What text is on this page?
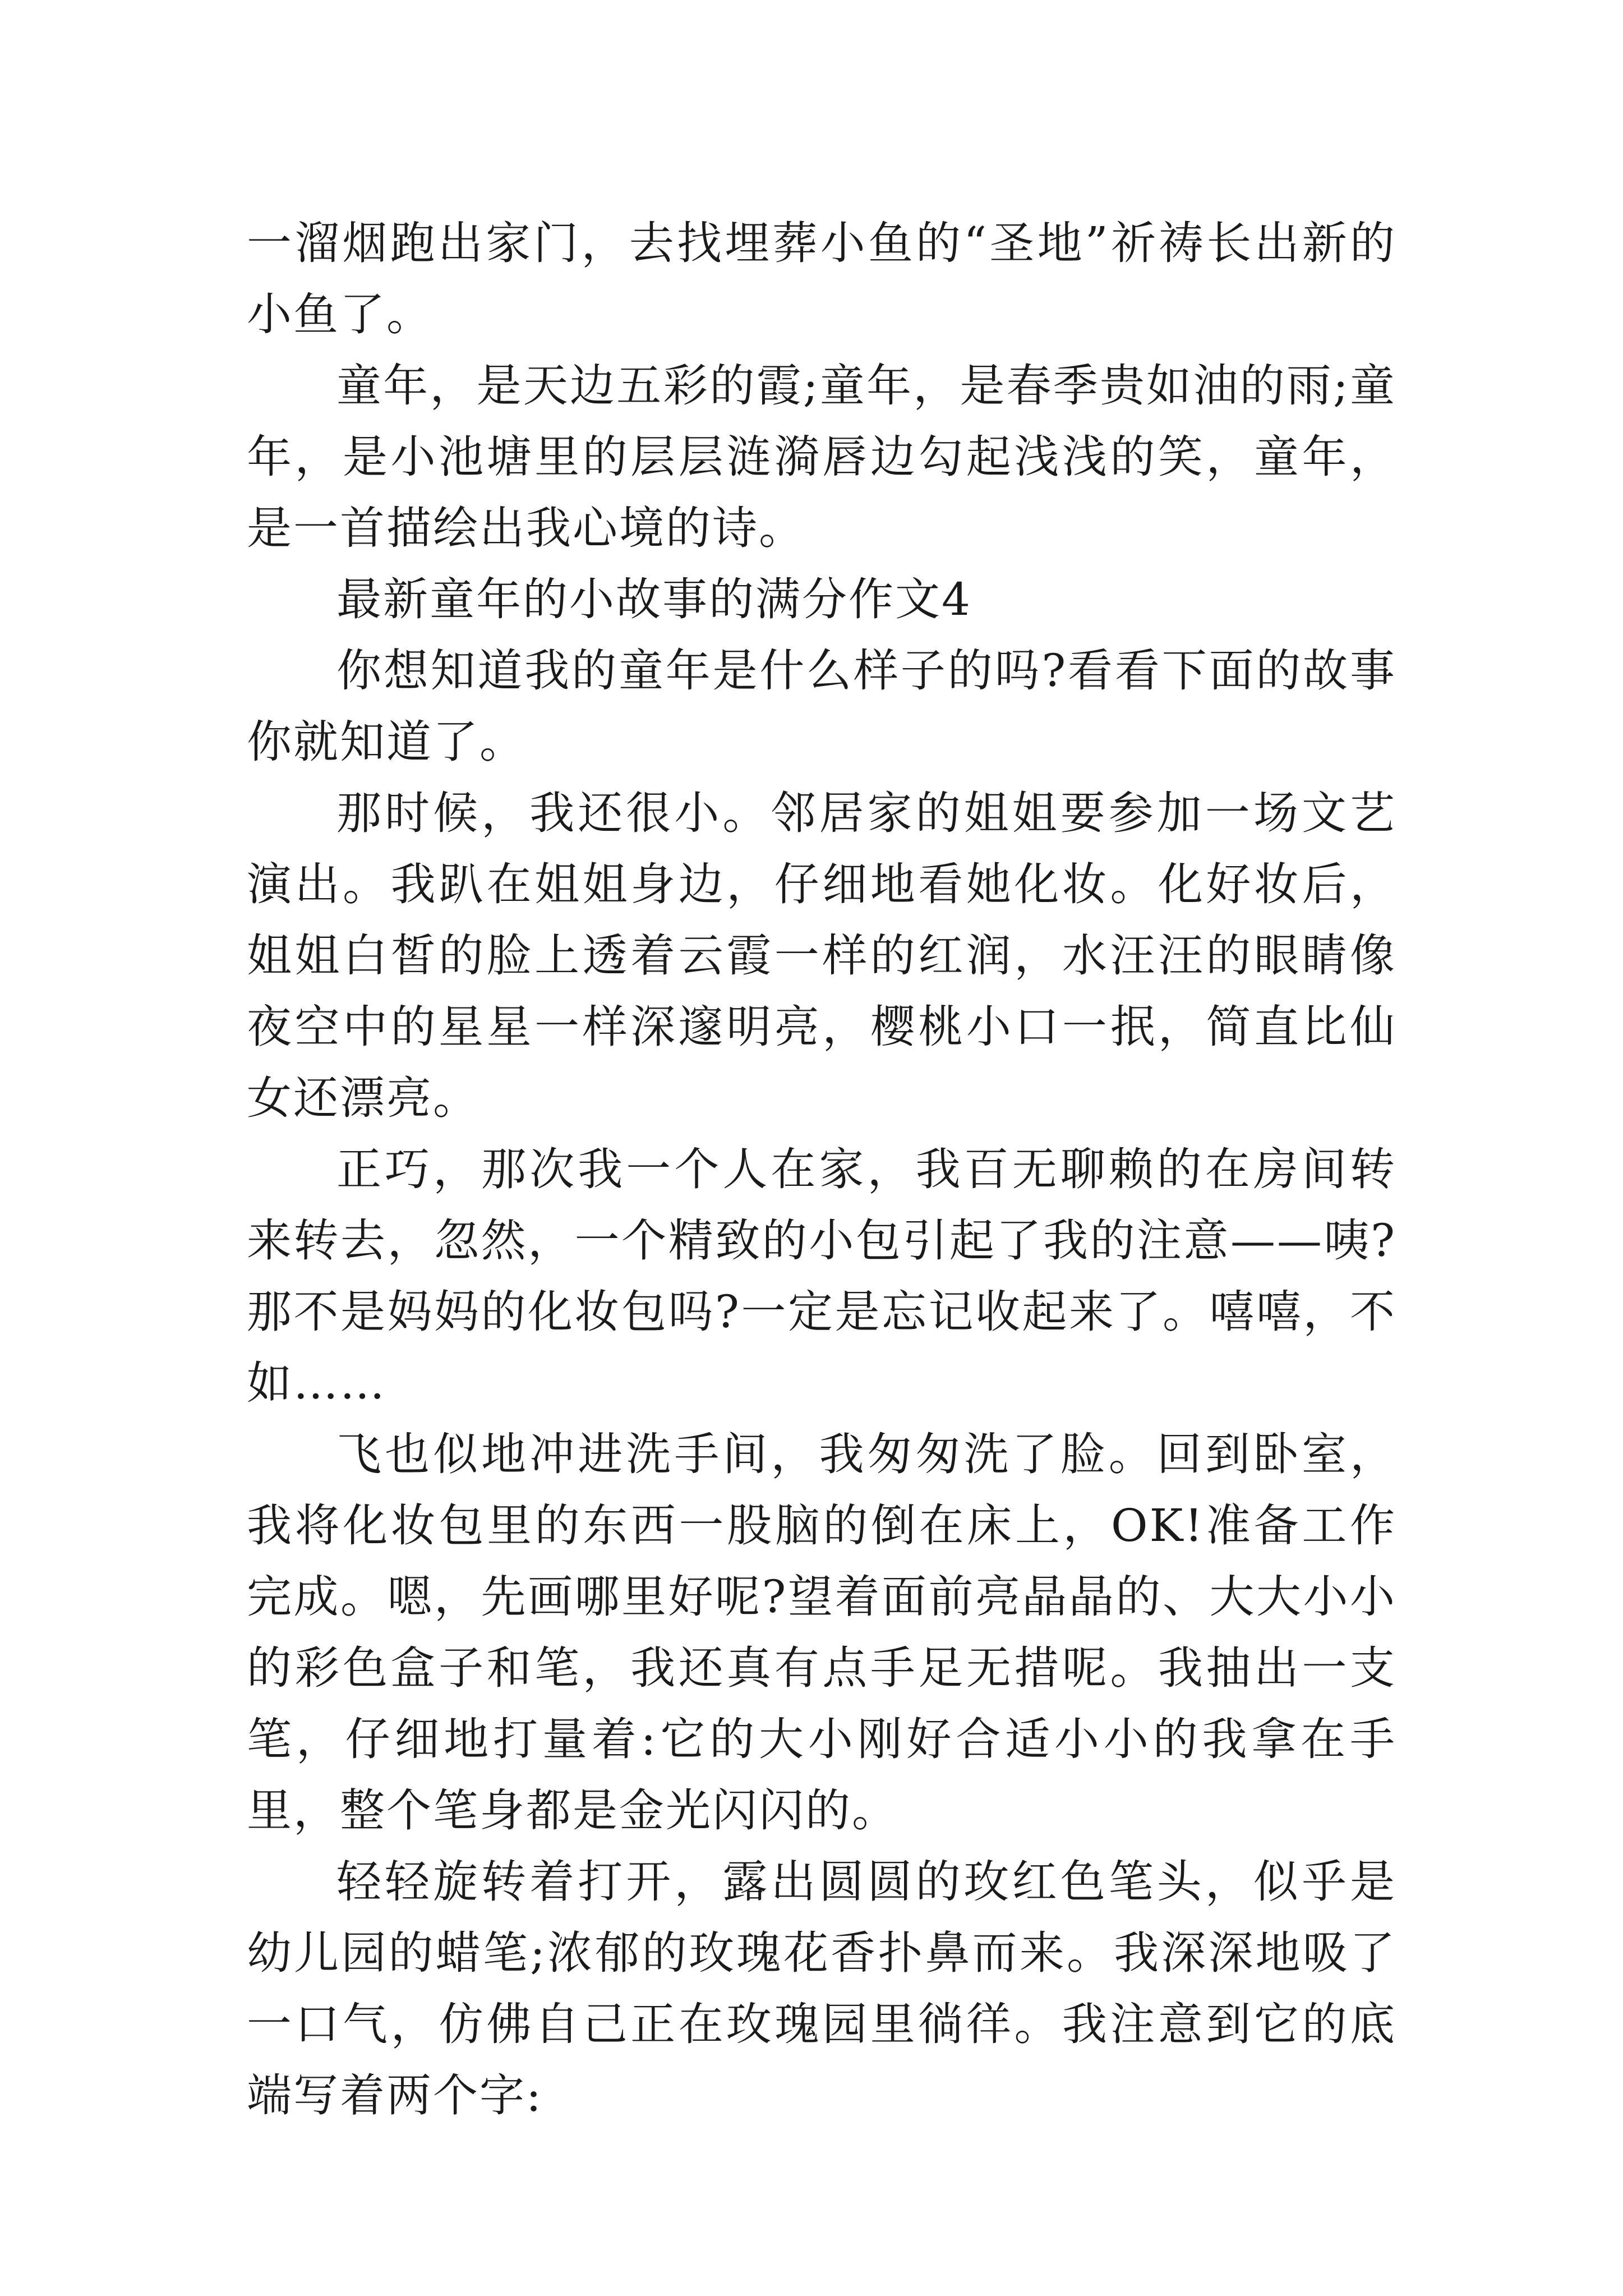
一溜烟跑出家门，去找埋葬小鱼的“圣地”祈祷长出新的小鱼了。

童年，是天边五彩的霞;童年，是春季贵如油的雨;童年，是小池塘里的层层涟漪唇边勾起浅浅的笑，童年，是一首描绘出我心境的诗。

最新童年的小故事的满分作文4

你想知道我的童年是什么样子的吗?看看下面的故事你就知道了。

那时候，我还很小。邻居家的姐姐要参加一场文艺演出。我趴在姐姐身边，仔细地看她化妆。化好妆后，姐姐白皙的脸上透着云霞一样的红润，水汪汪的眼睛像夜空中的星星一样深邃明亮，樱桃小口一抿，简直比仙女还漂亮。

正巧，那次我一个人在家，我百无聊赖的在房间转来转去，忽然，一个精致的小包引起了我的注意——咦?那不是妈妈的化妆包吗?一定是忘记收起来了。嘻嘻，不如……

飞也似地冲进洗手间，我匆匆洗了脸。回到卧室，我将化妆包里的东西一股脑的倒在床上，OK!准备工作完成。嗯，先画哪里好呢?望着面前亮晶晶的、大大小小的彩色盒子和笔，我还真有点手足无措呢。我抽出一支笔，仔细地打量着:它的大小刚好合适小小的我拿在手里，整个笔身都是金光闪闪的。

轻轻旋转着打开，露出圆圆的玫红色笔头，似乎是幼儿园的蜡笔;浓郁的玫瑰花香扑鼻而来。我深深地吸了一口气，仿佛自己正在玫瑰园里徜徉。我注意到它的底端写着两个字:
